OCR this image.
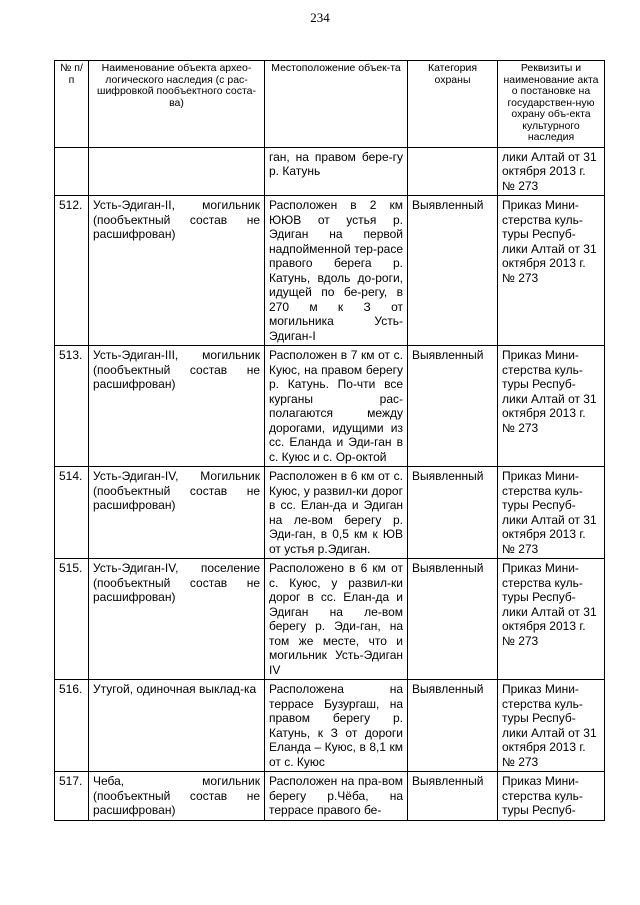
234
№ п/п	Наименование объекта архео-логического наследия (с рас-шифровкой пообъектного соста-ва)	Местоположение объек-та	Категория охраны	Реквизиты и наименование акта о постановке на государствен-ную охрану объ-екта культурного наследия
		ган, на правом бере-гу р. Катунь		лики Алтай от 31 октября 2013 г. № 273
512.	Усть-Эдиган-II, могильник (пообъектный состав не расшифрован)	Расположен в 2 км ЮЮВ от устья р. Эдиган на первой надпойменной тер-расе правого берега р. Катунь, вдоль до-роги, идущей по бе-регу, в 270 м к З от могильника Усть-Эдиган-I	Выявленный	Приказ Мини-стерства куль-туры Респуб-лики Алтай от 31 октября 2013 г. № 273
513.	Усть-Эдиган-III, могильник (пообъектный состав не расшифрован)	Расположен в 7 км от с. Куюс, на правом берегу р. Катунь. По-чти все курганы рас-полагаются между дорогами, идущими из сс. Еланда и Эди-ган в с. Куюс и с. Ор-октой	Выявленный	Приказ Мини-стерства куль-туры Респуб-лики Алтай от 31 октября 2013 г. № 273
514.	Усть-Эдиган-IV, Могильник (пообъектный состав не расшифрован)	Расположен в 6 км от с. Куюс, у развил-ки дорог в сс. Елан-да и Эдиган на ле-вом берегу р. Эди-ган, в 0,5 км к ЮВ от устья р.Эдиган.	Выявленный	Приказ Мини-стерства куль-туры Респуб-лики Алтай от 31 октября 2013 г. № 273
515.	Усть-Эдиган-IV, поселение (пообъектный состав не расшифрован)	Расположено в 6 км от с. Куюс, у развил-ки дорог в сс. Елан-да и Эдиган на ле-вом берегу р. Эди-ган, на том же месте, что и могильник Усть-Эдиган IV	Выявленный	Приказ Мини-стерства куль-туры Респуб-лики Алтай от 31 октября 2013 г. № 273
516.	Утугой, одиночная выклад-ка	Расположена на террасе Бузургаш, на правом берегу р. Катунь, к З от дороги Еланда – Куюс, в 8,1 км от с. Куюс	Выявленный	Приказ Мини-стерства куль-туры Респуб-лики Алтай от 31 октября 2013 г. № 273
517.	Чеба, могильник (пообъектный состав не расшифрован)	Расположен на пра-вом берегу р.Чёба, на террасе правого бе-	Выявленный	Приказ Мини-стерства куль-туры Респуб-
